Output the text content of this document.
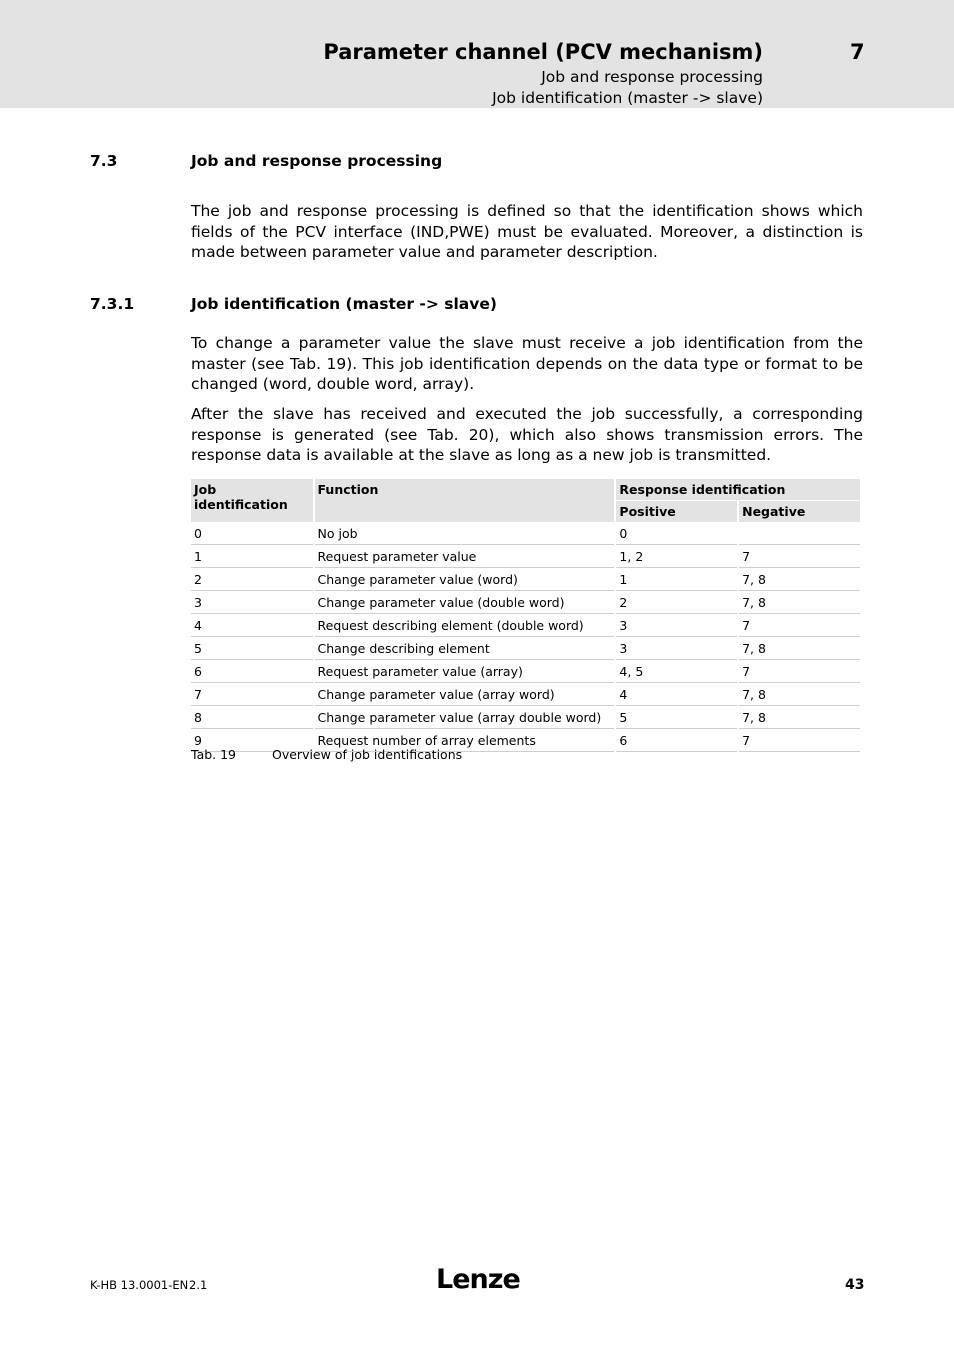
Parameter channel (PCV mechanism)	7
Job and response processing
Job identification (master -> slave)
7.3	Job and response processing

The job and response processing is defined so that the identification shows which fields of the PCV interface (IND,PWE) must be evaluated. Moreover, a distinction is made between parameter value and parameter description.

7.3.1	Job identification (master -> slave)

To change a parameter value the slave must receive a job identification from the master (see Tab. 19). This job identification depends on the data type or format to be changed (word, double word, array).

After the slave has received and executed the job successfully, a corresponding response is generated (see Tab. 20), which also shows transmission errors. The response data is available at the slave as long as a new job is transmitted.

Job identification	Function	Response identification	
		Positive	Negative
0	No job	0	
1	Request parameter value	1, 2	7
2	Change parameter value (word)	1	7, 8
3	Change parameter value (double word)	2	7, 8
4	Request describing element (double word)	3	7
5	Change describing element	3	7, 8
6	Request parameter value (array)	4, 5	7
7	Change parameter value (array word)	4	7, 8
8	Change parameter value (array double word)	5	7, 8
9	Request number of array elements	6	7
Tab. 19	Overview of job identifications
K-HB 13.0001-EN 2.1	Lenze	43
